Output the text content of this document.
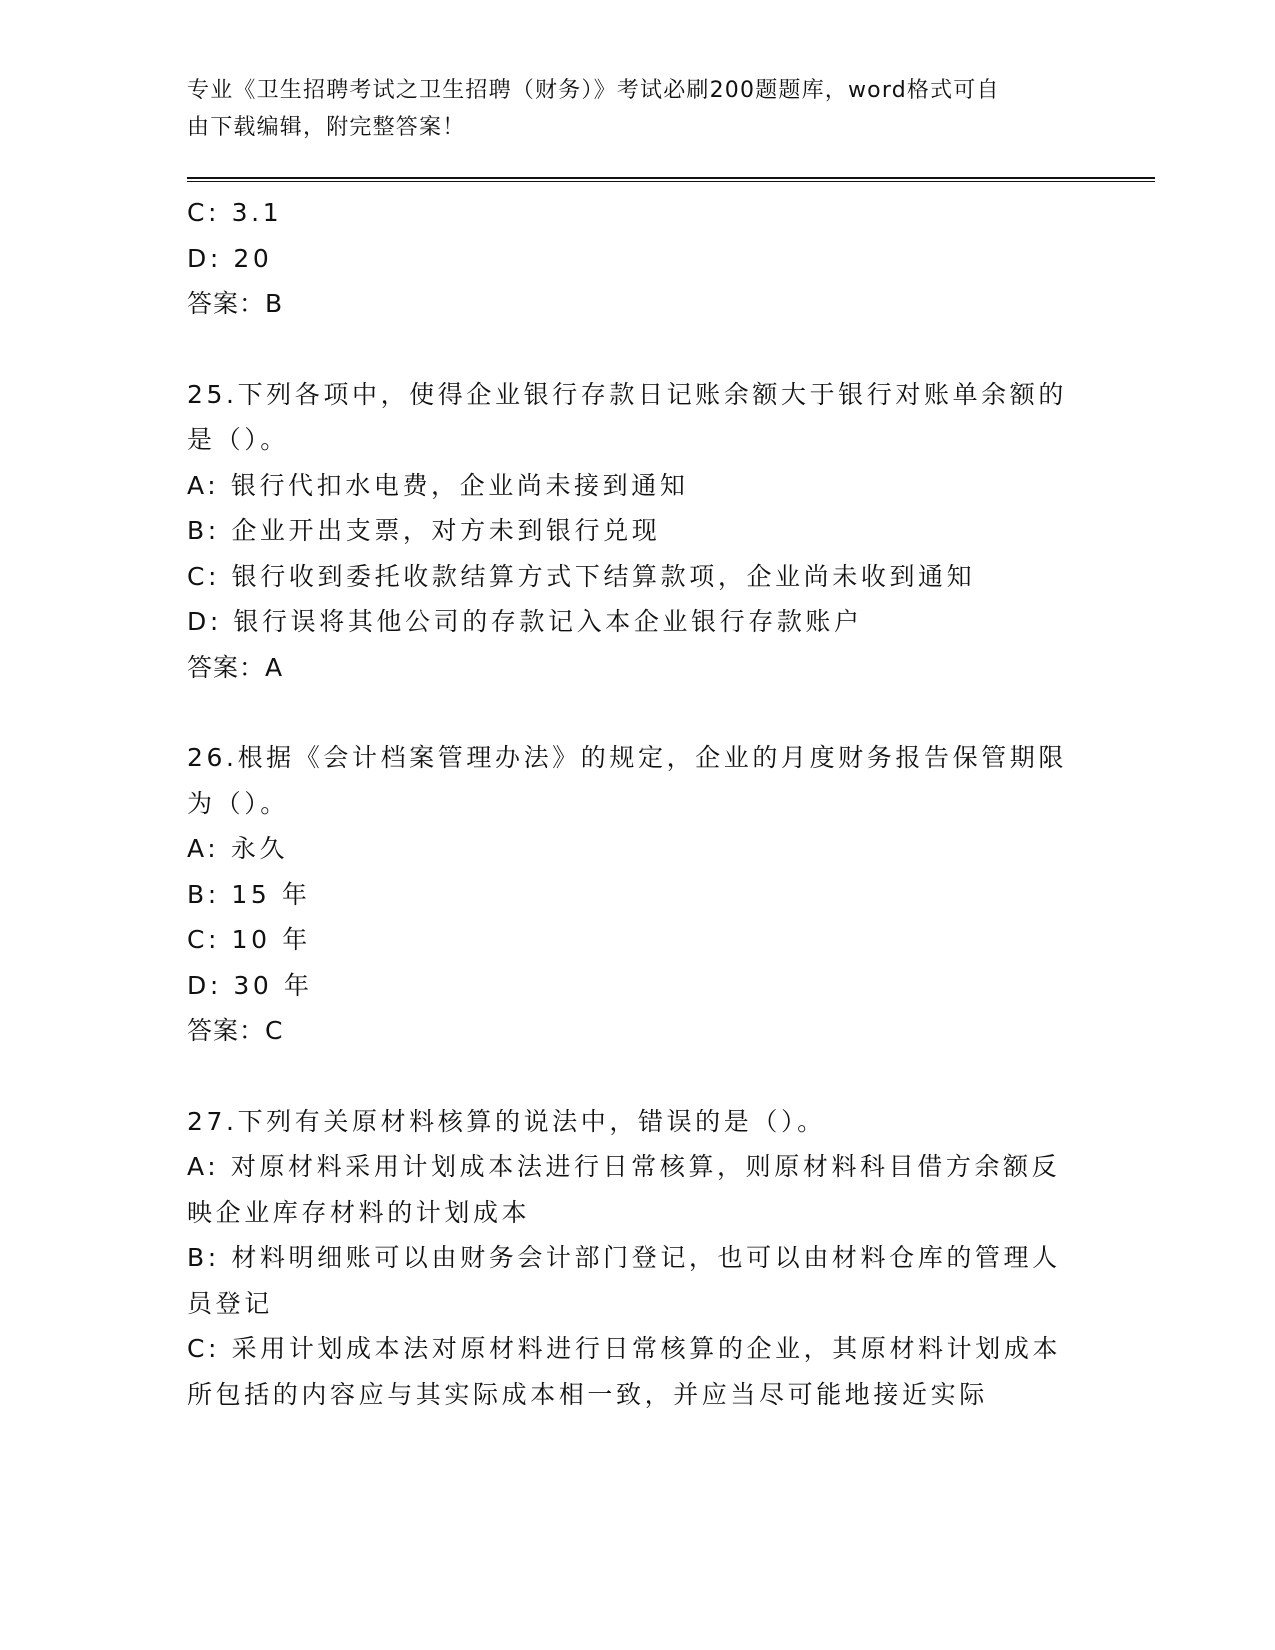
专业《卫生招聘考试之卫生招聘（财务）》考试必刷200题题库，word格式可自
由下载编辑，附完整答案！
C: 3.1
D: 20
答案：B
25.下列各项中，使得企业银行存款日记账余额大于银行对账单余额的
是（）。
A: 银行代扣水电费，企业尚未接到通知
B: 企业开出支票，对方未到银行兑现
C: 银行收到委托收款结算方式下结算款项，企业尚未收到通知
D: 银行误将其他公司的存款记入本企业银行存款账户
答案：A
26.根据《会计档案管理办法》的规定，企业的月度财务报告保管期限
为（）。
A: 永久
B: 15 年
C: 10 年
D: 30 年
答案：C
27.下列有关原材料核算的说法中，错误的是（）。
A: 对原材料采用计划成本法进行日常核算，则原材料科目借方余额反
映企业库存材料的计划成本
B: 材料明细账可以由财务会计部门登记，也可以由材料仓库的管理人
员登记
C: 采用计划成本法对原材料进行日常核算的企业，其原材料计划成本
所包括的内容应与其实际成本相一致，并应当尽可能地接近实际
